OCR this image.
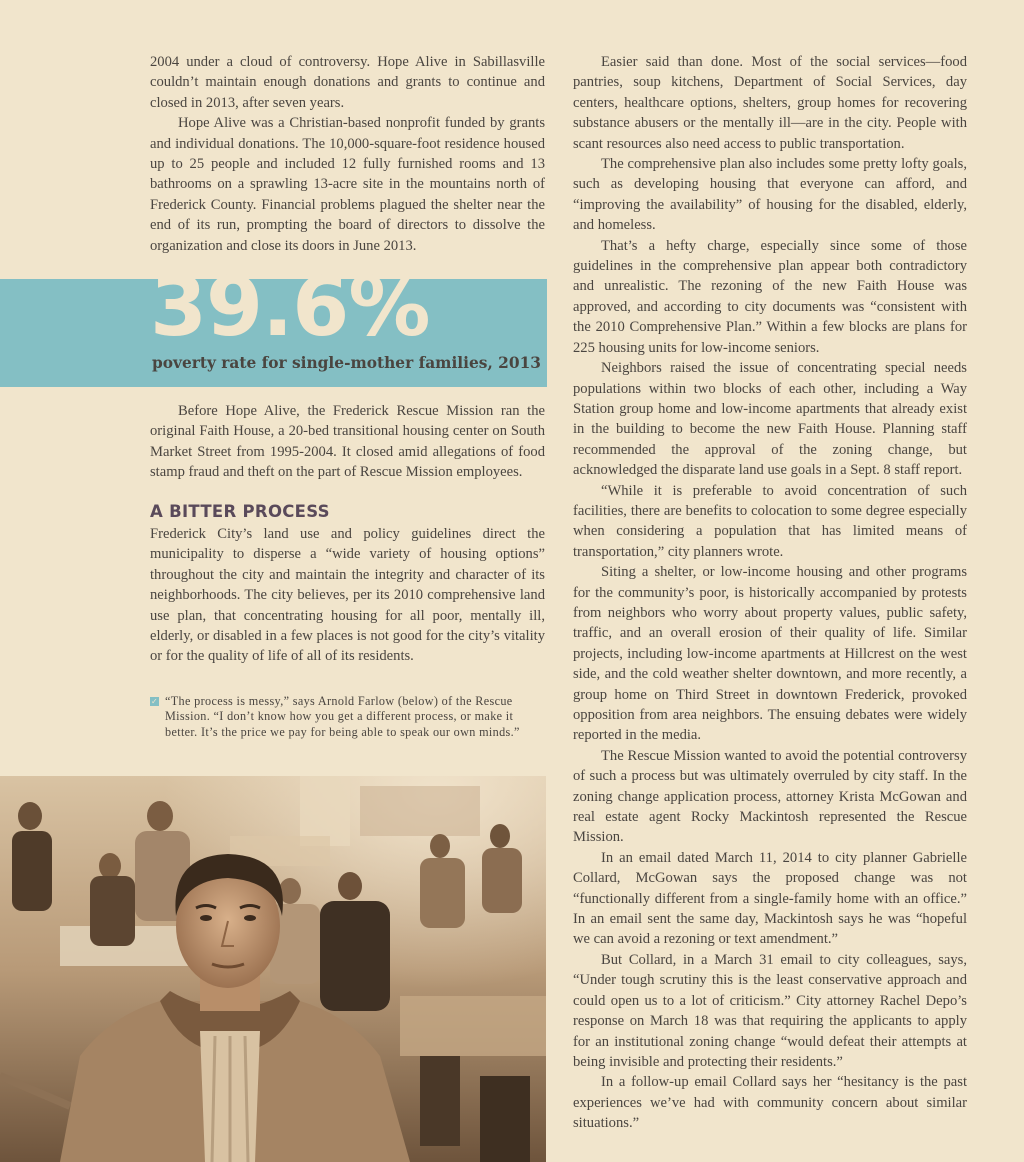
2004 under a cloud of controversy. Hope Alive in Sabillasville couldn’t maintain enough donations and grants to continue and closed in 2013, after seven years.

Hope Alive was a Christian-based nonprofit funded by grants and individual donations. The 10,000-square-foot residence housed up to 25 people and included 12 fully furnished rooms and 13 bathrooms on a sprawling 13-acre site in the mountains north of Frederick County. Financial problems plagued the shelter near the end of its run, prompting the board of directors to dissolve the organization and close its doors in June 2013.

39.6%
poverty rate for single-mother families, 2013

Before Hope Alive, the Frederick Rescue Mission ran the original Faith House, a 20-bed transitional housing center on South Market Street from 1995-2004. It closed amid allegations of food stamp fraud and theft on the part of Rescue Mission employees.

A BITTER PROCESS

Frederick City’s land use and policy guidelines direct the municipality to disperse a “wide variety of housing options” throughout the city and maintain the integrity and character of its neighborhoods. The city believes, per its 2010 comprehensive land use plan, that concentrating housing for all poor, mentally ill, elderly, or disabled in a few places is not good for the city’s vitality or for the quality of life of all of its residents.

✓ “The process is messy,” says Arnold Farlow (below) of the Rescue Mission. “I don’t know how you get a different process, or make it better. It’s the price we pay for being able to speak our own minds.”

Easier said than done. Most of the social services—food pantries, soup kitchens, Department of Social Services, day centers, healthcare options, shelters, group homes for recovering substance abusers or the mentally ill—are in the city. People with scant resources also need access to public transportation.

The comprehensive plan also includes some pretty lofty goals, such as developing housing that everyone can afford, and “improving the availability” of housing for the disabled, elderly, and homeless.

That’s a hefty charge, especially since some of those guidelines in the comprehensive plan appear both contradictory and unrealistic. The rezoning of the new Faith House was approved, and according to city documents was “consistent with the 2010 Comprehensive Plan.” Within a few blocks are plans for 225 housing units for low-income seniors.

Neighbors raised the issue of concentrating special needs populations within two blocks of each other, including a Way Station group home and low-income apartments that already exist in the building to become the new Faith House. Planning staff recommended the approval of the zoning change, but acknowledged the disparate land use goals in a Sept. 8 staff report.

“While it is preferable to avoid concentration of such facilities, there are benefits to colocation to some degree especially when considering a population that has limited means of transportation,” city planners wrote.

Siting a shelter, or low-income housing and other programs for the community’s poor, is historically accompanied by protests from neighbors who worry about property values, public safety, traffic, and an overall erosion of their quality of life. Similar projects, including low-income apartments at Hillcrest on the west side, and the cold weather shelter downtown, and more recently, a group home on Third Street in downtown Frederick, provoked opposition from area neighbors. The ensuing debates were widely reported in the media.

The Rescue Mission wanted to avoid the potential controversy of such a process but was ultimately overruled by city staff. In the zoning change application process, attorney Krista McGowan and real estate agent Rocky Mackintosh represented the Rescue Mission.

In an email dated March 11, 2014 to city planner Gabrielle Collard, McGowan says the proposed change was not “functionally different from a single-family home with an office.” In an email sent the same day, Mackintosh says he was “hopeful we can avoid a rezoning or text amendment.”

But Collard, in a March 31 email to city colleagues, says, “Under tough scrutiny this is the least conservative approach and could open us to a lot of criticism.” City attorney Rachel Depo’s response on March 18 was that requiring the applicants to apply for an institutional zoning change “would defeat their attempts at being invisible and protecting their residents.”

In a follow-up email Collard says her “hesitancy is the past experiences we’ve had with community concern about similar situations.”
